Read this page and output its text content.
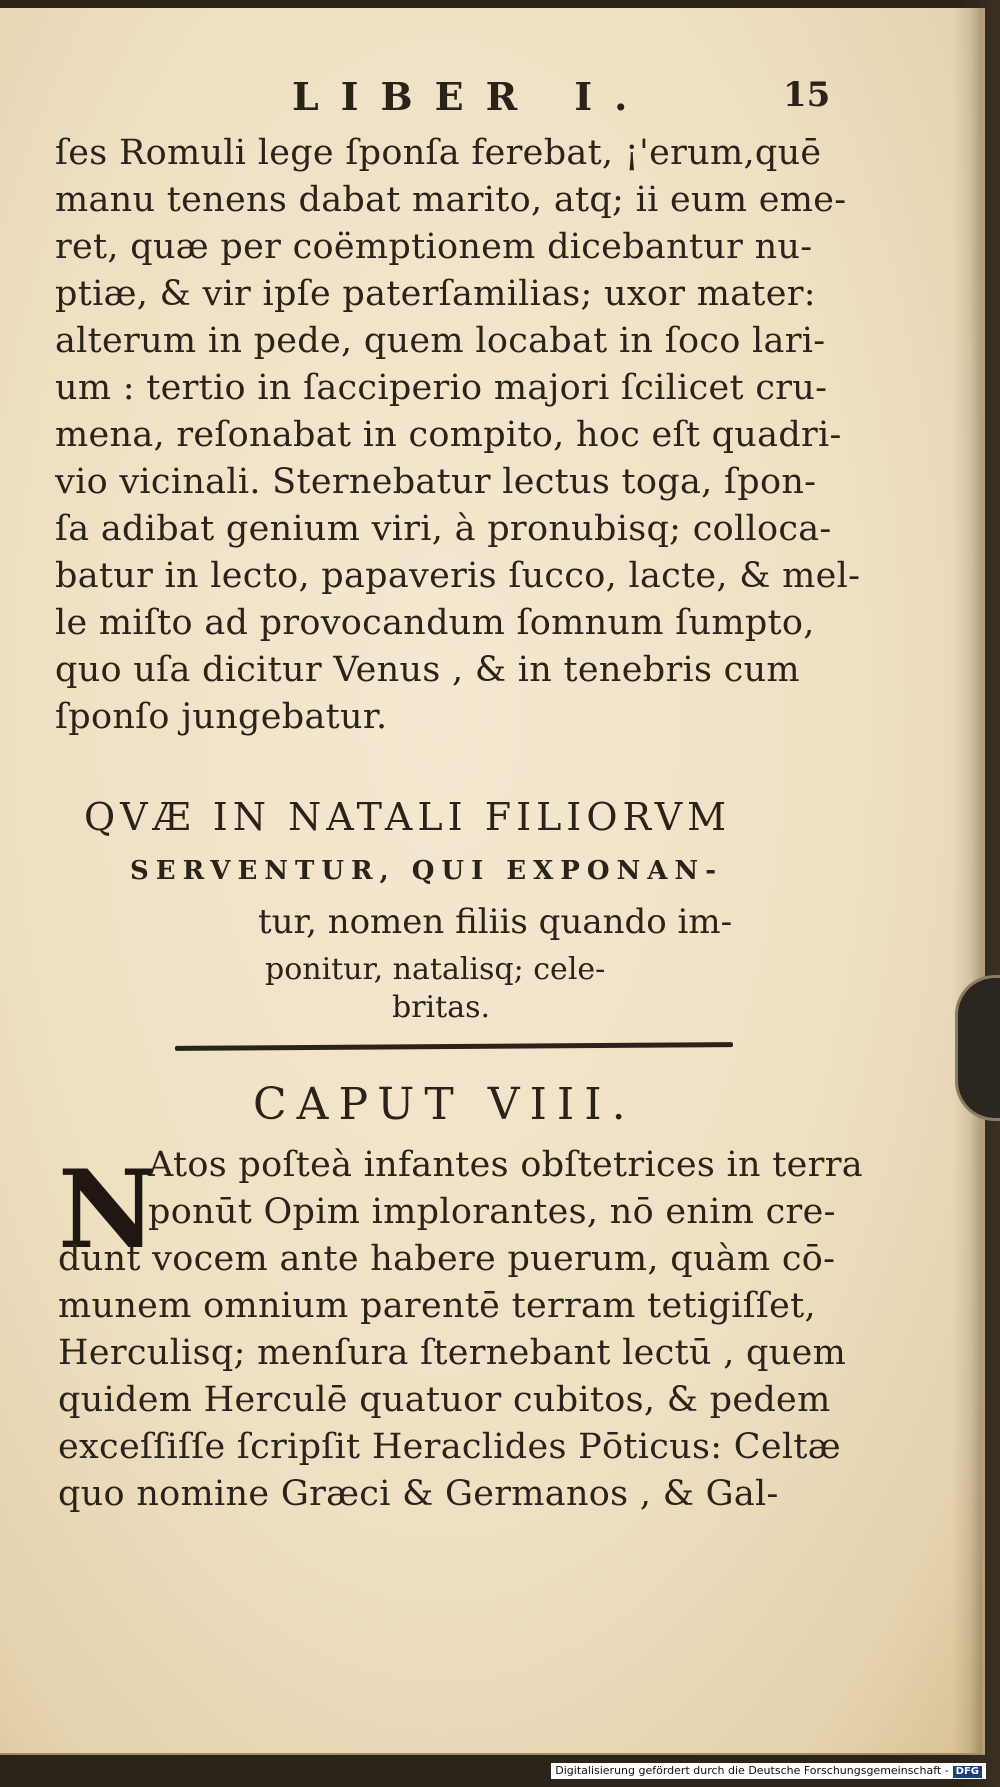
LIBER I.	15
ſes Romuli lege ſponſa ferebat, ¡'erum,quē
manu tenens dabat marito, atq; ii eum eme-
ret, quæ per coëmptionem dicebantur nu-
ptiæ, & vir ipſe paterſamilias; uxor mater:
alterum in pede, quem locabat in ſoco lari-
um : tertio in ſacciperio majori ſcilicet cru-
mena, reſonabat in compito, hoc eſt quadri-
vio vicinali. Sternebatur lectus toga, ſpon-
ſa adibat genium viri, à pronubisq; colloca-
batur in lecto, papaveris ſucco, lacte, & mel-
le miſto ad provocandum ſomnum ſumpto,
quo uſa dicitur Venus , & in tenebris cum
ſponſo jungebatur.
QVÆ IN NATALI FILIORVM
SERVENTUR, QUI EXPONAN-
tur, nomen filiis quando im-
ponitur, natalisq; cele-
britas.
CAPUT VIII.
N
Atos poſteà infantes obſtetrices in terra
ponūt Opim implorantes, nō enim cre-
dunt vocem ante habere puerum, quàm cō-
munem omnium parentē terram tetigiſſet,
Herculisq; menſura ſternebant lectū , quem
quidem Herculē quatuor cubitos, & pedem
exceſſiſſe ſcripſit Heraclides Pōticus: Celtæ
quo nomine Græci & Germanos , & Gal-
Digitalisierung gefördert durch die Deutsche Forschungsgemeinschaft - DFG
